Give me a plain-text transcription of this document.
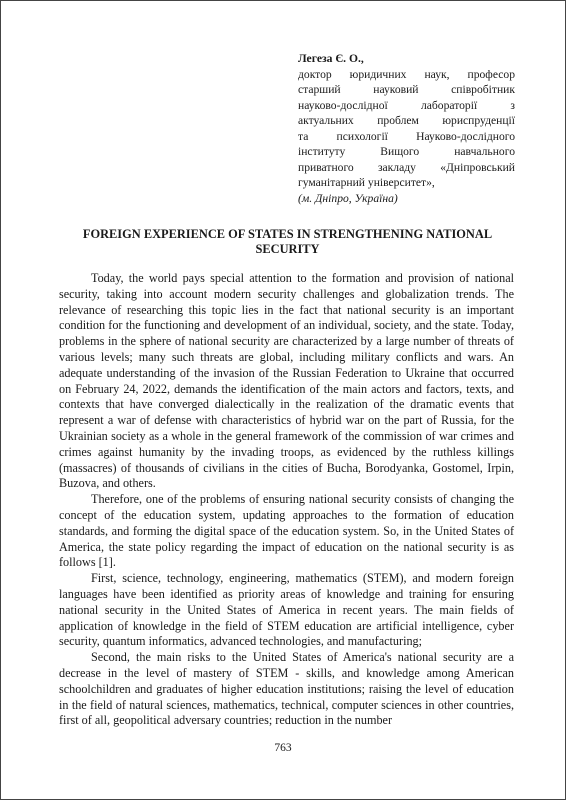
Легеза Є. О.,
доктор юридичних наук, професор
старший науковий співробітник
науково-дослідної лабораторії з
актуальних проблем юриспруденції
та психології Науково-дослідного
інституту Вищого навчального
приватного закладу «Дніпровський
гуманітарний університет»,
(м. Дніпро, Україна)
FOREIGN EXPERIENCE OF STATES IN STRENGTHENING NATIONAL SECURITY

Today, the world pays special attention to the formation and provision of national security, taking into account modern security challenges and globalization trends. The relevance of researching this topic lies in the fact that national security is an important condition for the functioning and development of an individual, society, and the state. Today, problems in the sphere of national security are characterized by a large number of threats of various levels; many such threats are global, including military conflicts and wars. An adequate understanding of the invasion of the Russian Federation to Ukraine that occurred on February 24, 2022, demands the identification of the main actors and factors, texts, and contexts that have converged dialectically in the realization of the dramatic events that represent a war of defense with characteristics of hybrid war on the part of Russia, for the Ukrainian society as a whole in the general framework of the commission of war crimes and crimes against humanity by the invading troops, as evidenced by the ruthless killings (massacres) of thousands of civilians in the cities of Bucha, Borodyanka, Gostomel, Irpin, Buzova, and others.

Therefore, one of the problems of ensuring national security consists of changing the concept of the education system, updating approaches to the formation of education standards, and forming the digital space of the education system. So, in the United States of America, the state policy regarding the impact of education on the national security is as follows [1].

First, science, technology, engineering, mathematics (STEM), and modern foreign languages have been identified as priority areas of knowledge and training for ensuring national security in the United States of America in recent years. The main fields of application of knowledge in the field of STEM education are artificial intelligence, cyber security, quantum informatics, advanced technologies, and manufacturing;

Second, the main risks to the United States of America's national security are a decrease in the level of mastery of STEM - skills, and knowledge among American schoolchildren and graduates of higher education institutions; raising the level of education in the field of natural sciences, mathematics, technical, computer sciences in other countries, first of all, geopolitical adversary countries; reduction in the number

763
